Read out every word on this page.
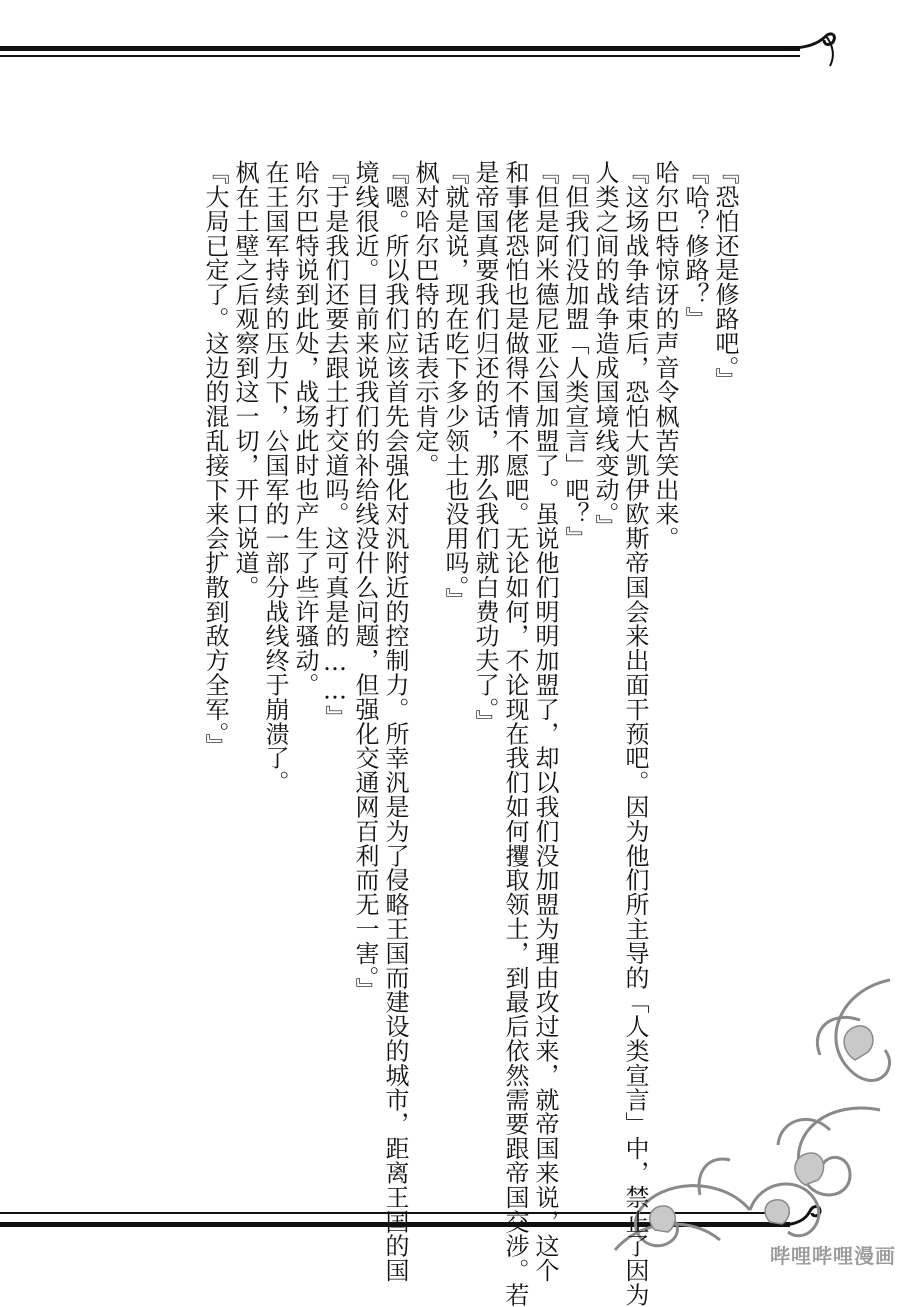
『恐怕还是修路吧。』
『哈？修路？』
哈尔巴特惊讶的声音令枫苦笑出来。
『这场战争结束后，恐怕大凯伊欧斯帝国会来出面干预吧。因为他们所主导的「人类宣言」中，禁止了因为
人类之间的战争造成国境线变动。』
『但我们没加盟「人类宣言」吧？』
『但是阿米德尼亚公国加盟了。虽说他们明明加盟了，却以我们没加盟为理由攻过来，就帝国来说，这个
和事佬恐怕也是做得不情不愿吧。无论如何，不论现在我们如何攫取领土，到最后依然需要跟帝国交涉。若
是帝国真要我们归还的话，那么我们就白费功夫了。』
『就是说，现在吃下多少领土也没用吗。』
枫对哈尔巴特的话表示肯定。
『嗯。所以我们应该首先会强化对汎附近的控制力。所幸汎是为了侵略王国而建设的城市，距离王国的国
境线很近。目前来说我们的补给线没什么问题，但强化交通网百利而无一害。』
『于是我们还要去跟土打交道吗。这可真是的……』
哈尔巴特说到此处，战场此时也产生了些许骚动。
在王国军持续的压力下，公国军的一部分战线终于崩溃了。
枫在土壁之后观察到这一切，开口说道。
『大局已定了。这边的混乱接下来会扩散到敌方全军。』
哔哩哔哩漫画
